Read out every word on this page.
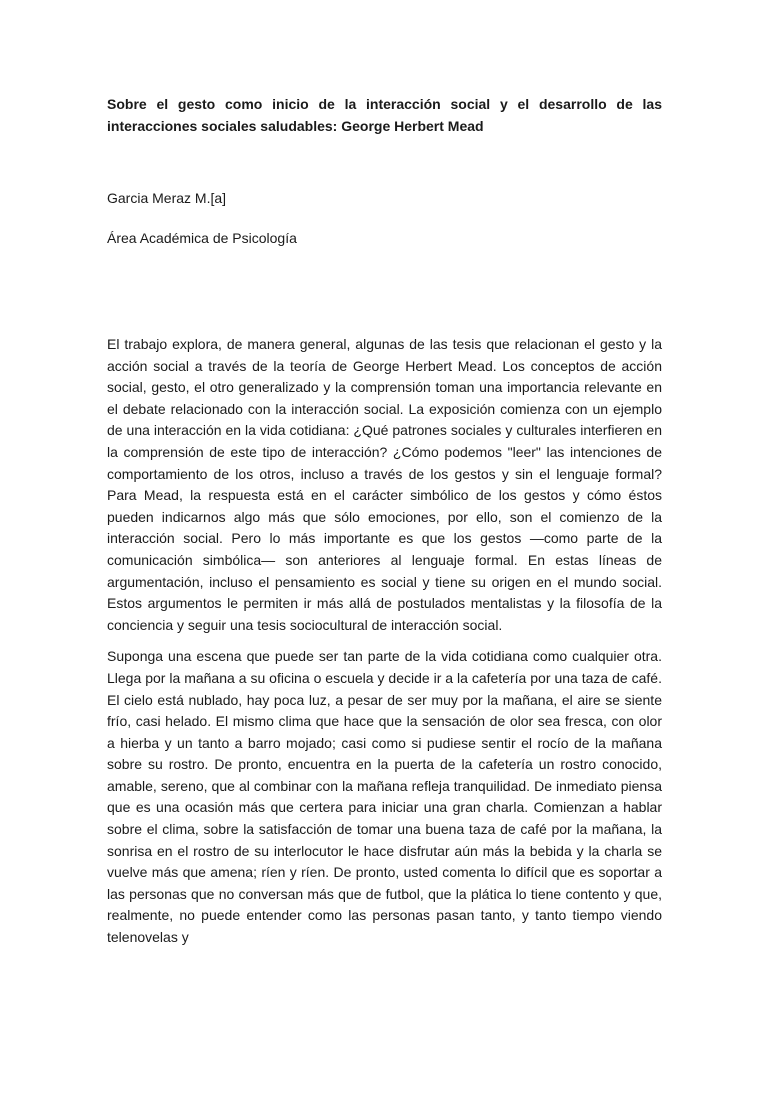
Sobre el gesto como inicio de la interacción social y el desarrollo de las interacciones sociales saludables: George Herbert Mead

Garcia Meraz M.[a]

Área Académica de Psicología

El trabajo explora, de manera general, algunas de las tesis que relacionan el gesto y la acción social a través de la teoría de George Herbert Mead. Los conceptos de acción social, gesto, el otro generalizado y la comprensión toman una importancia relevante en el debate relacionado con la interacción social. La exposición comienza con un ejemplo de una interacción en la vida cotidiana: ¿Qué patrones sociales y culturales interfieren en la comprensión de este tipo de interacción? ¿Cómo podemos "leer" las intenciones de comportamiento de los otros, incluso a través de los gestos y sin el lenguaje formal? Para Mead, la respuesta está en el carácter simbólico de los gestos y cómo éstos pueden indicarnos algo más que sólo emociones, por ello, son el comienzo de la interacción social. Pero lo más importante es que los gestos —como parte de la comunicación simbólica— son anteriores al lenguaje formal. En estas líneas de argumentación, incluso el pensamiento es social y tiene su origen en el mundo social. Estos argumentos le permiten ir más allá de postulados mentalistas y la filosofía de la conciencia y seguir una tesis sociocultural de interacción social.

Suponga una escena que puede ser tan parte de la vida cotidiana como cualquier otra. Llega por la mañana a su oficina o escuela y decide ir a la cafetería por una taza de café. El cielo está nublado, hay poca luz, a pesar de ser muy por la mañana, el aire se siente frío, casi helado. El mismo clima que hace que la sensación de olor sea fresca, con olor a hierba y un tanto a barro mojado; casi como si pudiese sentir el rocío de la mañana sobre su rostro. De pronto, encuentra en la puerta de la cafetería un rostro conocido, amable, sereno, que al combinar con la mañana refleja tranquilidad. De inmediato piensa que es una ocasión más que certera para iniciar una gran charla. Comienzan a hablar sobre el clima, sobre la satisfacción de tomar una buena taza de café por la mañana, la sonrisa en el rostro de su interlocutor le hace disfrutar aún más la bebida y la charla se vuelve más que amena; ríen y ríen. De pronto, usted comenta lo difícil que es soportar a las personas que no conversan más que de futbol, que la plática lo tiene contento y que, realmente, no puede entender como las personas pasan tanto, y tanto tiempo viendo telenovelas y
